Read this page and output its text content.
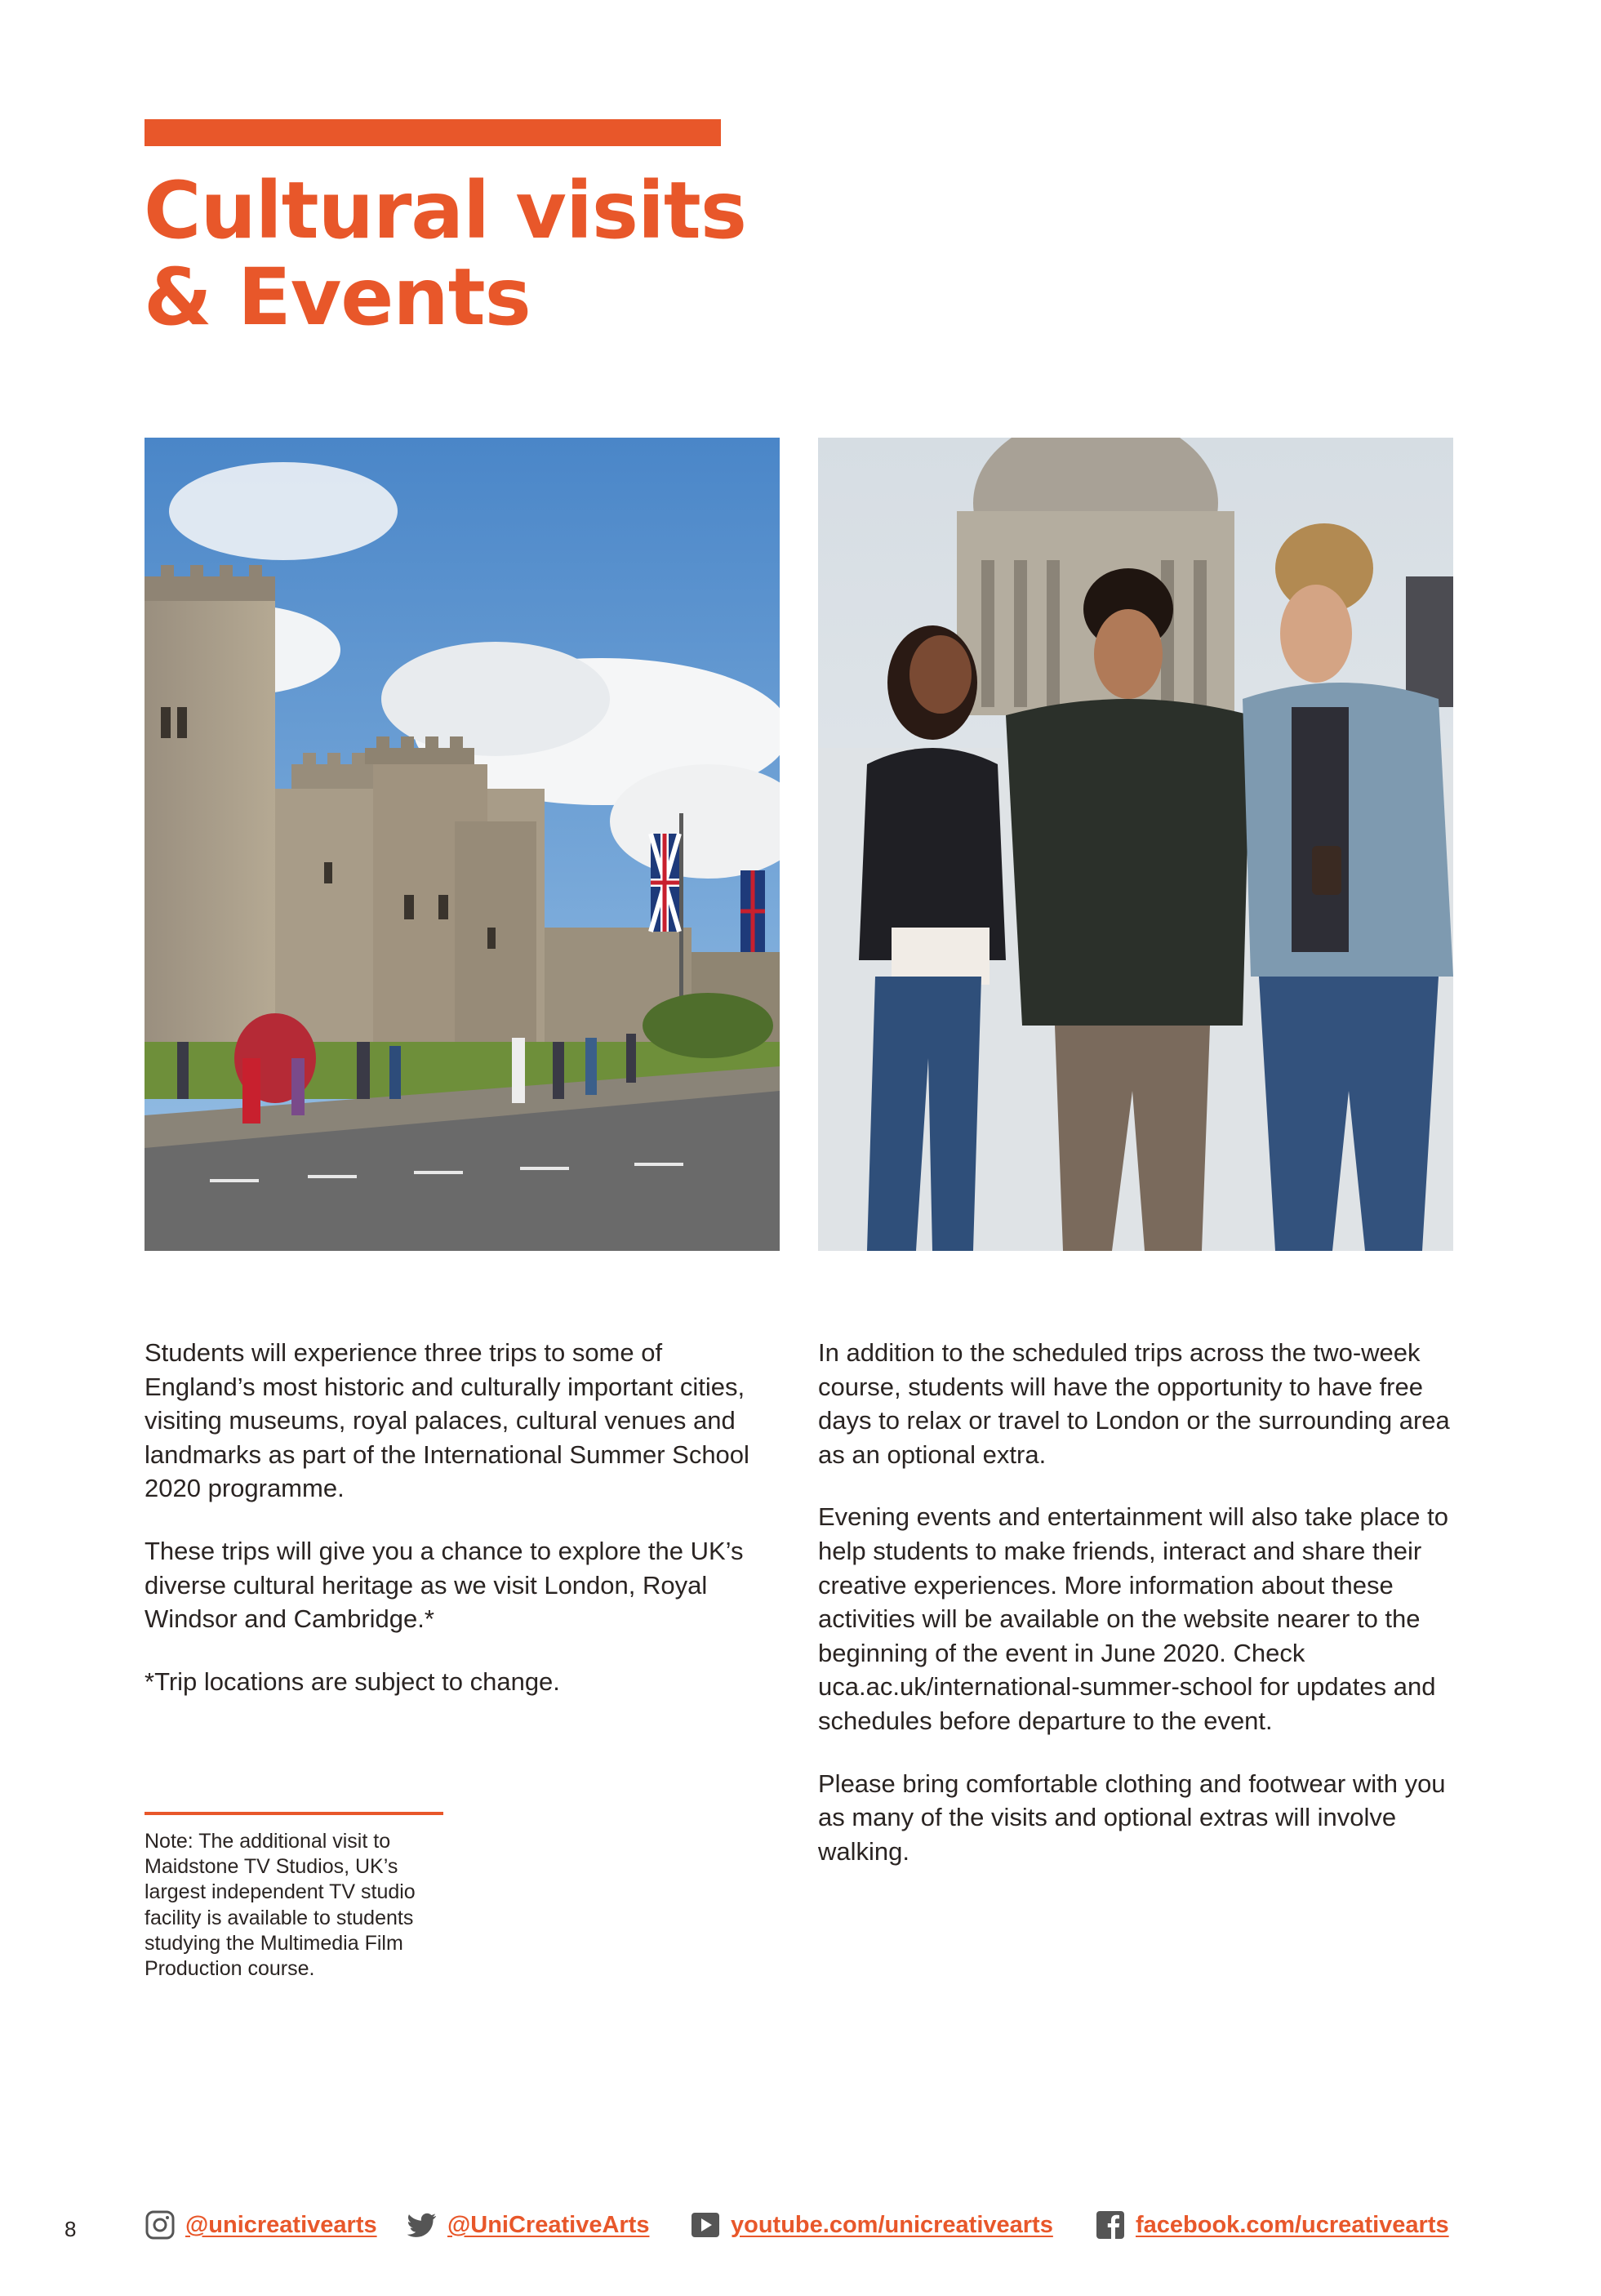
Cultural visits
& Events

Students will experience three trips to some of England’s most historic and culturally important cities, visiting museums, royal palaces, cultural venues and landmarks as part of the International Summer School 2020 programme.

These trips will give you a chance to explore the UK’s diverse cultural heritage as we visit London, Royal Windsor and Cambridge.*

*Trip locations are subject to change.

Note: The additional visit to Maidstone TV Studios, UK’s largest independent TV studio facility is available to students studying the Multimedia Film Production course.

In addition to the scheduled trips across the two-week course, students will have the opportunity to have free days to relax or travel to London or the surrounding area as an optional extra.

Evening events and entertainment will also take place to help students to make friends, interact and share their creative experiences. More information about these activities will be available on the website nearer to the beginning of the event in June 2020. Check uca.ac.uk/international-summer-school for updates and schedules before departure to the event.

Please bring comfortable clothing and footwear with you as many of the visits and optional extras will involve walking.

8	@unicreativearts	@UniCreativeArts	youtube.com/unicreativearts	facebook.com/ucreativearts
